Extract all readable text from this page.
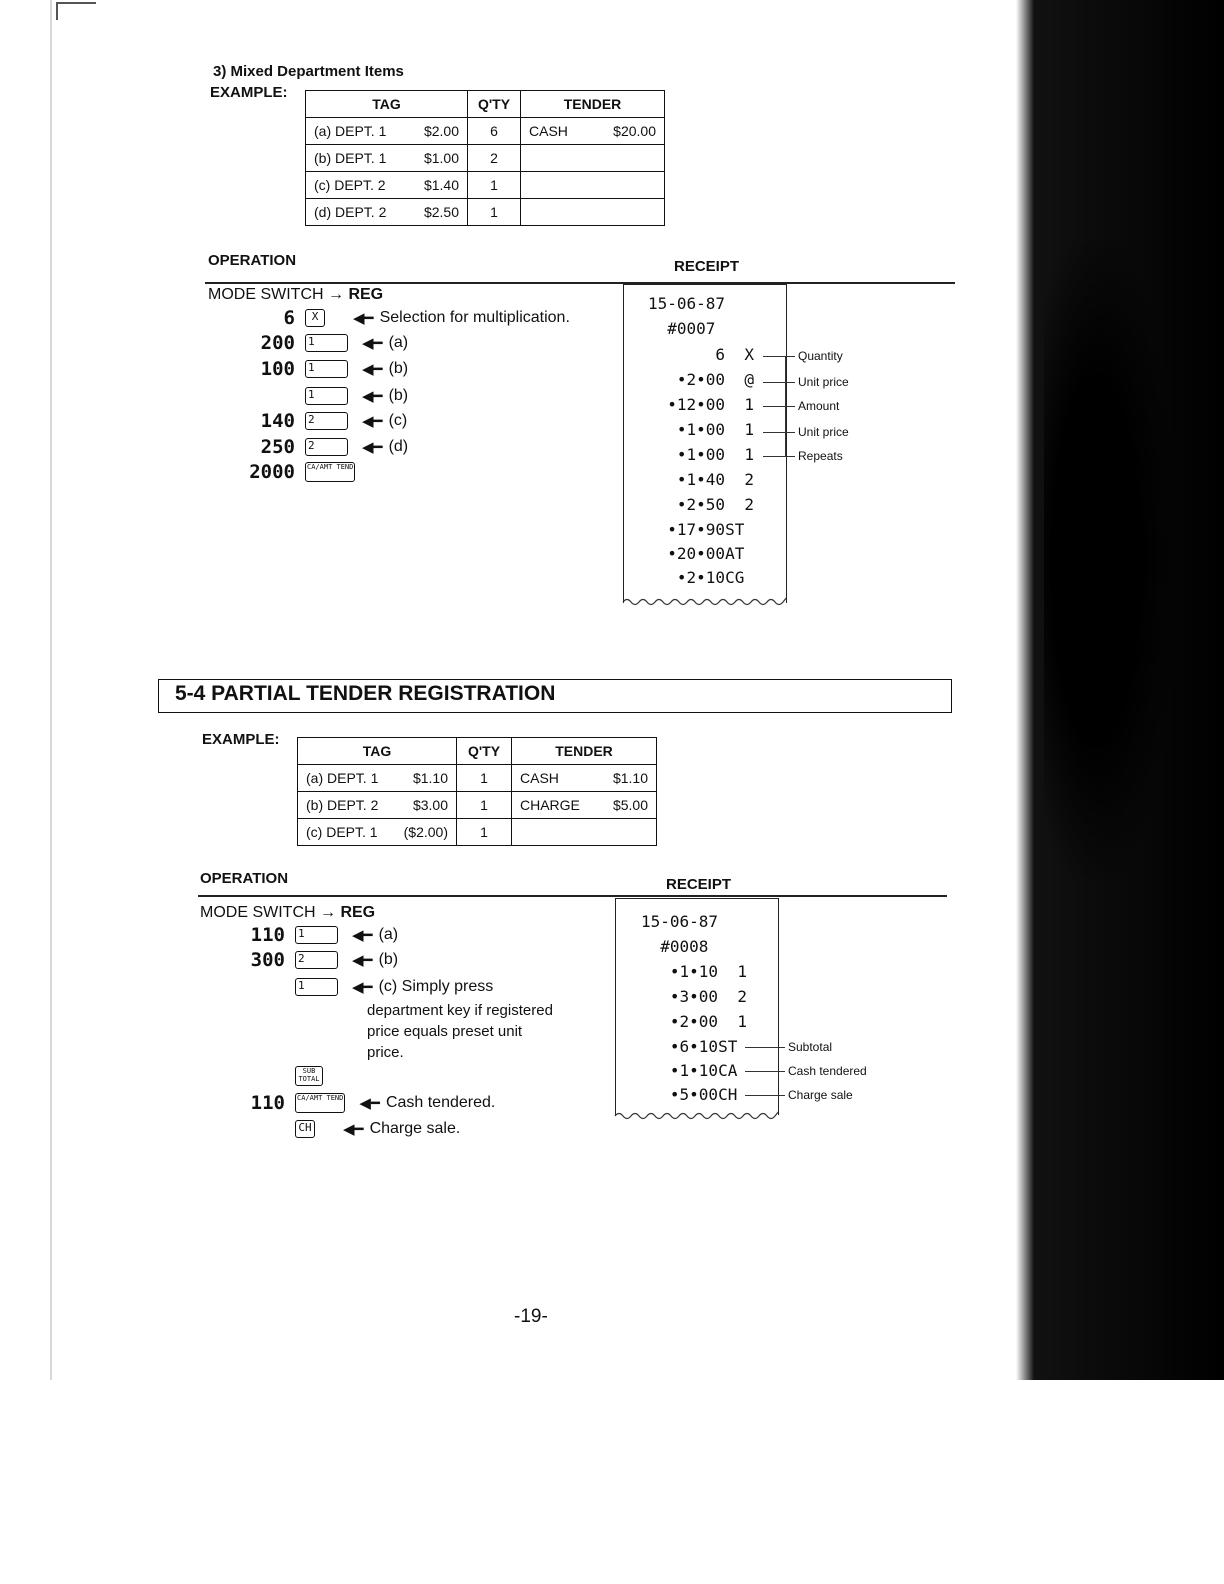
3) Mixed Department Items
EXAMPLE:
TAG	Q'TY	TENDER

(a) DEPT. 1 $2.00	6	CASH $20.00

(b) DEPT. 1 $1.00	2	

(c) DEPT. 2 $1.40	1	

(d) DEPT. 2 $2.50	1	
OPERATION	RECEIPT
MODE SWITCH → REG
6	X	◀━ Selection for multiplication.
200 1	◀━ (a)
100 1	◀━ (b)
1	◀━ (b)
140 2	◀━ (c)
250 2	◀━ (d)
2000 CA/AMT TEND
15-06-87
#0007
6  X
•2•00  @
•12•00  1
•1•00  1
•1•00  1
•1•40  2
•2•50  2
•17•90ST
•20•00AT
•2•10CG
Quantity
Unit price
Amount
Unit price
Repeats
5-4 PARTIAL TENDER REGISTRATION
EXAMPLE:
TAG	Q'TY	TENDER

(a) DEPT. 1 $1.10	1	CASH $1.10

(b) DEPT. 2 $3.00	1	CHARGE $5.00

(c) DEPT. 1 ($2.00)	1	
OPERATION	RECEIPT
MODE SWITCH → REG
110 1	◀━ (a)
300 2	◀━ (b)
1	◀━ (c) Simply press
department key if registered
price equals preset unit
price.
SUB TOTAL
110 CA/AMT TEND ◀━ Cash tendered.
CH ◀━ Charge sale.
15-06-87
#0008
•1•10  1
•3•00  2
•2•00  1
•6•10ST
•1•10CA
•5•00CH
Subtotal
Cash tendered
Charge sale
-19-
